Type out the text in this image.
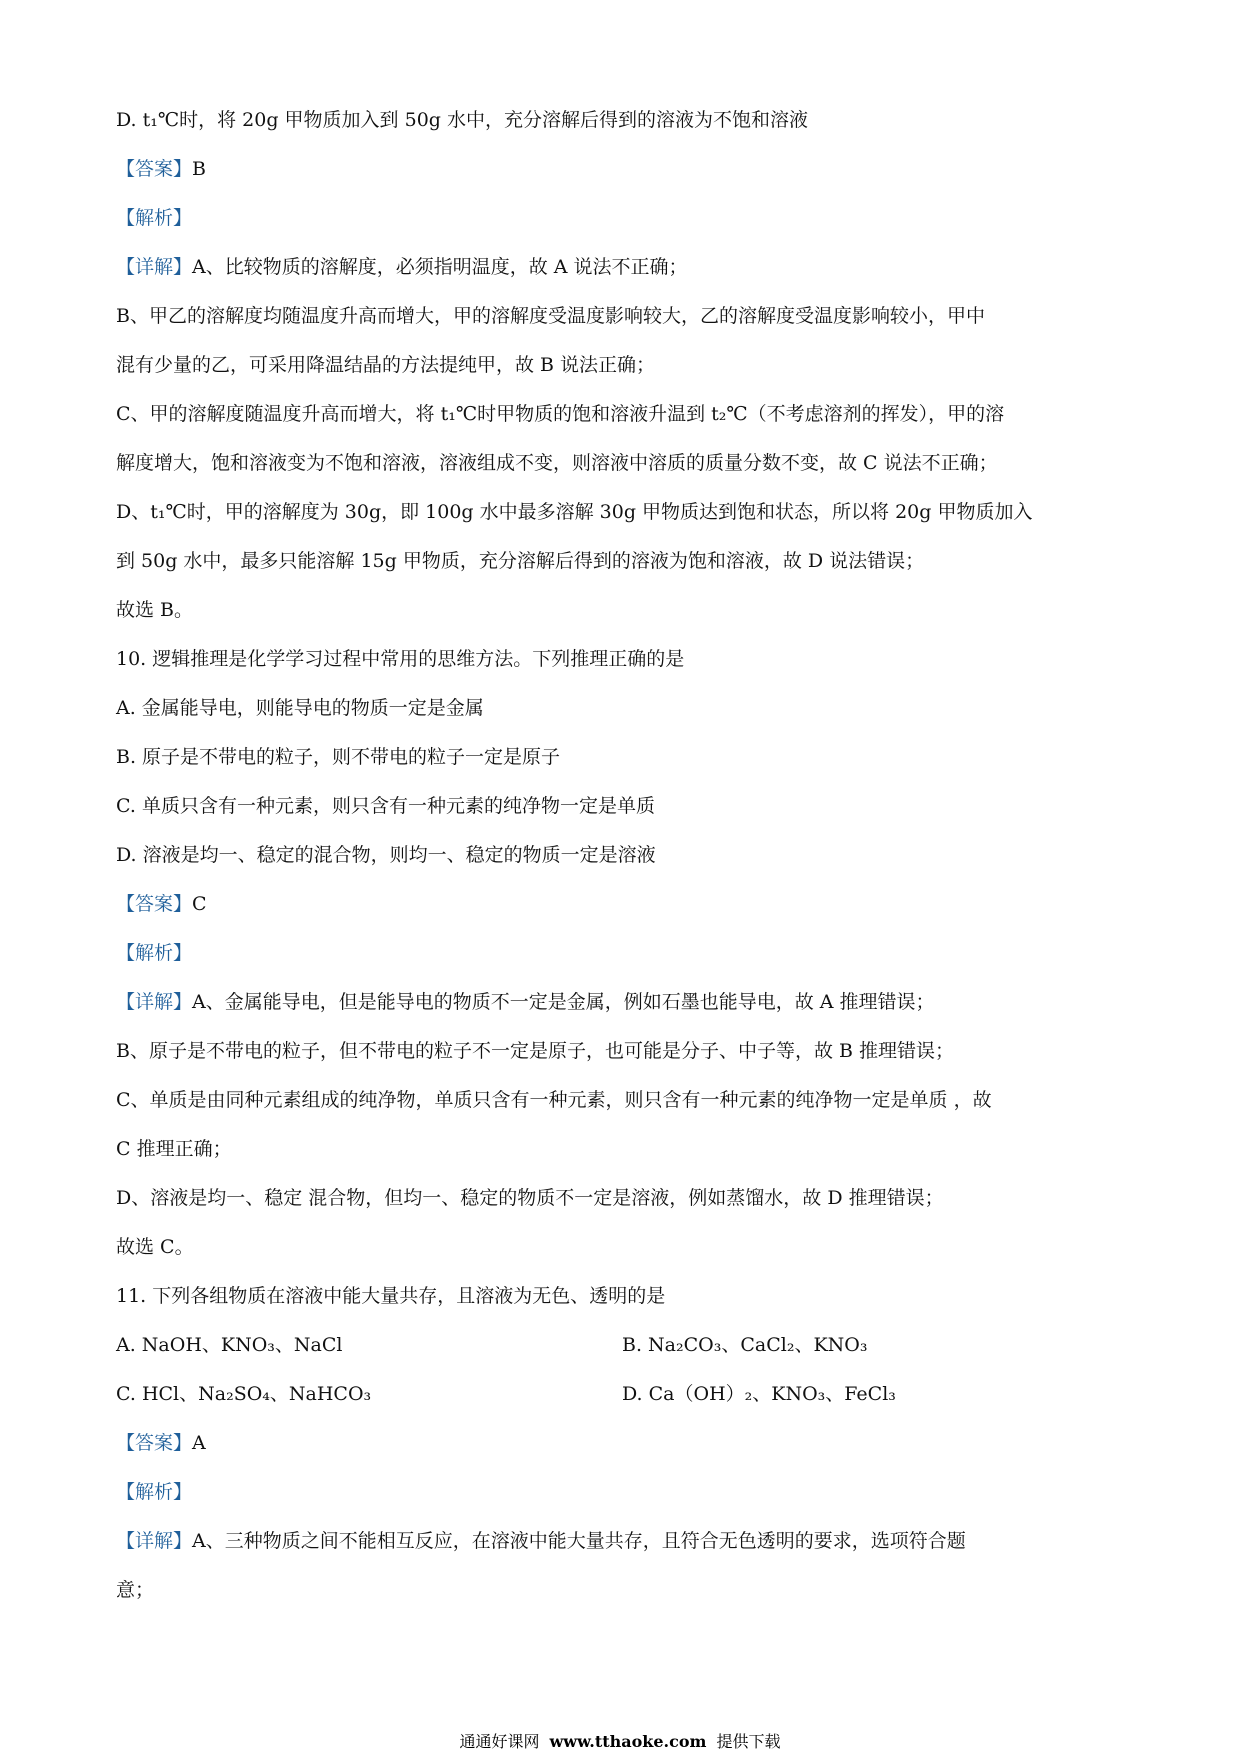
D. t₁℃时，将 20g 甲物质加入到 50g 水中，充分溶解后得到的溶液为不饱和溶液
【答案】B
【解析】
【详解】A、比较物质的溶解度，必须指明温度，故 A 说法不正确；
B、甲乙的溶解度均随温度升高而增大，甲的溶解度受温度影响较大，乙的溶解度受温度影响较小，甲中
混有少量的乙，可采用降温结晶的方法提纯甲，故 B 说法正确；
C、甲的溶解度随温度升高而增大，将 t₁℃时甲物质的饱和溶液升温到 t₂℃（不考虑溶剂的挥发），甲的溶
解度增大，饱和溶液变为不饱和溶液，溶液组成不变，则溶液中溶质的质量分数不变，故 C 说法不正确；
D、t₁℃时，甲的溶解度为 30g，即 100g 水中最多溶解 30g 甲物质达到饱和状态，所以将 20g 甲物质加入
到 50g 水中，最多只能溶解 15g 甲物质，充分溶解后得到的溶液为饱和溶液，故 D 说法错误；
故选 B。
10. 逻辑推理是化学学习过程中常用的思维方法。下列推理正确的是
A. 金属能导电，则能导电的物质一定是金属
B. 原子是不带电的粒子，则不带电的粒子一定是原子
C. 单质只含有一种元素，则只含有一种元素的纯净物一定是单质
D. 溶液是均一、稳定的混合物，则均一、稳定的物质一定是溶液
【答案】C
【解析】
【详解】A、金属能导电，但是能导电的物质不一定是金属，例如石墨也能导电，故 A 推理错误；
B、原子是不带电的粒子，但不带电的粒子不一定是原子，也可能是分子、中子等，故 B 推理错误；
C、单质是由同种元素组成的纯净物，单质只含有一种元素，则只含有一种元素的纯净物一定是单质 ，故
C 推理正确；
D、溶液是均一、稳定 混合物，但均一、稳定的物质不一定是溶液，例如蒸馏水，故 D 推理错误；
故选 C。
11. 下列各组物质在溶液中能大量共存，且溶液为无色、透明的是
A. NaOH、KNO₃、NaCl	B. Na₂CO₃、CaCl₂、KNO₃
C. HCl、Na₂SO₄、NaHCO₃	D. Ca（OH）₂、KNO₃、FeCl₃
【答案】A
【解析】
【详解】A、三种物质之间不能相互反应，在溶液中能大量共存，且符合无色透明的要求，选项符合题
意；
通通好课网 www.tthaoke.com 提供下载
